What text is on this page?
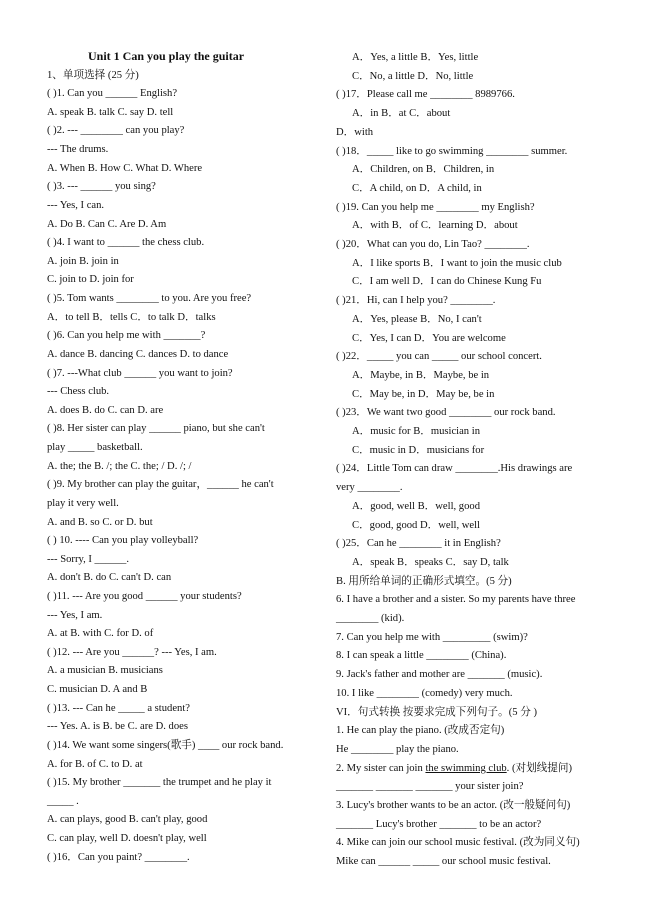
Unit 1 Can you play the guitar
1、单项选择 (25 分)
( )1. Can you ______ English?
A. speak B. talk C. say D. tell
( )2. --- ________ can you play?
--- The drums.
A. When B. How C. What D. Where
( )3. --- ______ you sing?
--- Yes, I can.
A. Do B. Can C. Are D. Am
( )4. I want to ______ the chess club.
A. join B. join in
C. join to D. join for
( )5. Tom wants ________ to you. Are you free?
A．to tell B．tells C．to talk D．talks
( )6. Can you help me with _______?
A. dance B. dancing C. dances D. to dance
( )7. ---What club ______ you want to join?
--- Chess club.
A. does B. do C. can D. are
( )8. Her sister can play ______ piano, but she can't
play _____ basketball.
A. the; the B. /; the C. the; / D. /; /
( )9. My brother can play the guitar，______ he can't
play it very well.
A. and B. so C. or D. but
( ) 10. ---- Can you play volleyball?
--- Sorry, I ______.
A. don't B. do C. can't D. can
( )11. --- Are you good ______ your students?
--- Yes, I am.
A. at B. with C. for D. of
( )12. --- Are you ______? --- Yes, I am.
A. a musician B. musicians
C. musician D. A and B
( )13. --- Can he _____ a student?
--- Yes. A. is B. be C. are D. does
( )14. We want some singers(歌手) ____ our rock band.
A. for B. of C. to D. at
( )15. My brother _______ the trumpet and he play it
_____ .
A. can plays, good B. can't play, good
C. can play, well D. doesn't play, well
( )16．Can you paint? ________.
A．Yes, a little B．Yes, little
C．No, a little D．No, little
( )17．Please call me ________ 8989766.
A．in B．at C．about
D．with
( )18．_____ like to go swimming ________ summer.
A．Children, on B．Children, in
C．A child, on D．A child, in
( )19. Can you help me ________ my English?
A．with B．of C．learning D．about
( )20．What can you do, Lin Tao? ________.
A．I like sports B．I want to join the music club
C．I am well D．I can do Chinese Kung Fu
( )21．Hi, can I help you? ________.
A．Yes, please B．No, I can't
C．Yes, I can D．You are welcome
( )22．_____ you can _____ our school concert.
A．Maybe, in B．Maybe, be in
C．May be, in D．May be, be in
( )23．We want two good ________ our rock band.
A．music for B．musician in
C．music in D．musicians for
( )24．Little Tom can draw ________.His drawings are
very ________.
A．good, well B．well, good
C．good, good D．well, well
( )25．Can he ________ it in English?
A．speak B．speaks C．say D, talk
B. 用所给单词的正确形式填空。(5 分)
6. I have a brother and a sister. So my parents have three
________ (kid).
7. Can you help me with _________ (swim)?
8. I can speak a little ________ (China).
9. Jack's father and mother are _______ (music).
10. I like ________ (comedy) very much.
VI．句式转换 按要求完成下列句子。(5 分 )
1. He can play the piano. (改成否定句)
He ________ play the piano.
2. My sister can join the swimming club. (对划线提问)
_______ _______ _______ your sister join?
3. Lucy's brother wants to be an actor. (改一般疑问句)
_______ Lucy's brother _______ to be an actor?
4. Mike can join our school music festival. (改为同义句)
Mike can ______ _____ our school music festival.
